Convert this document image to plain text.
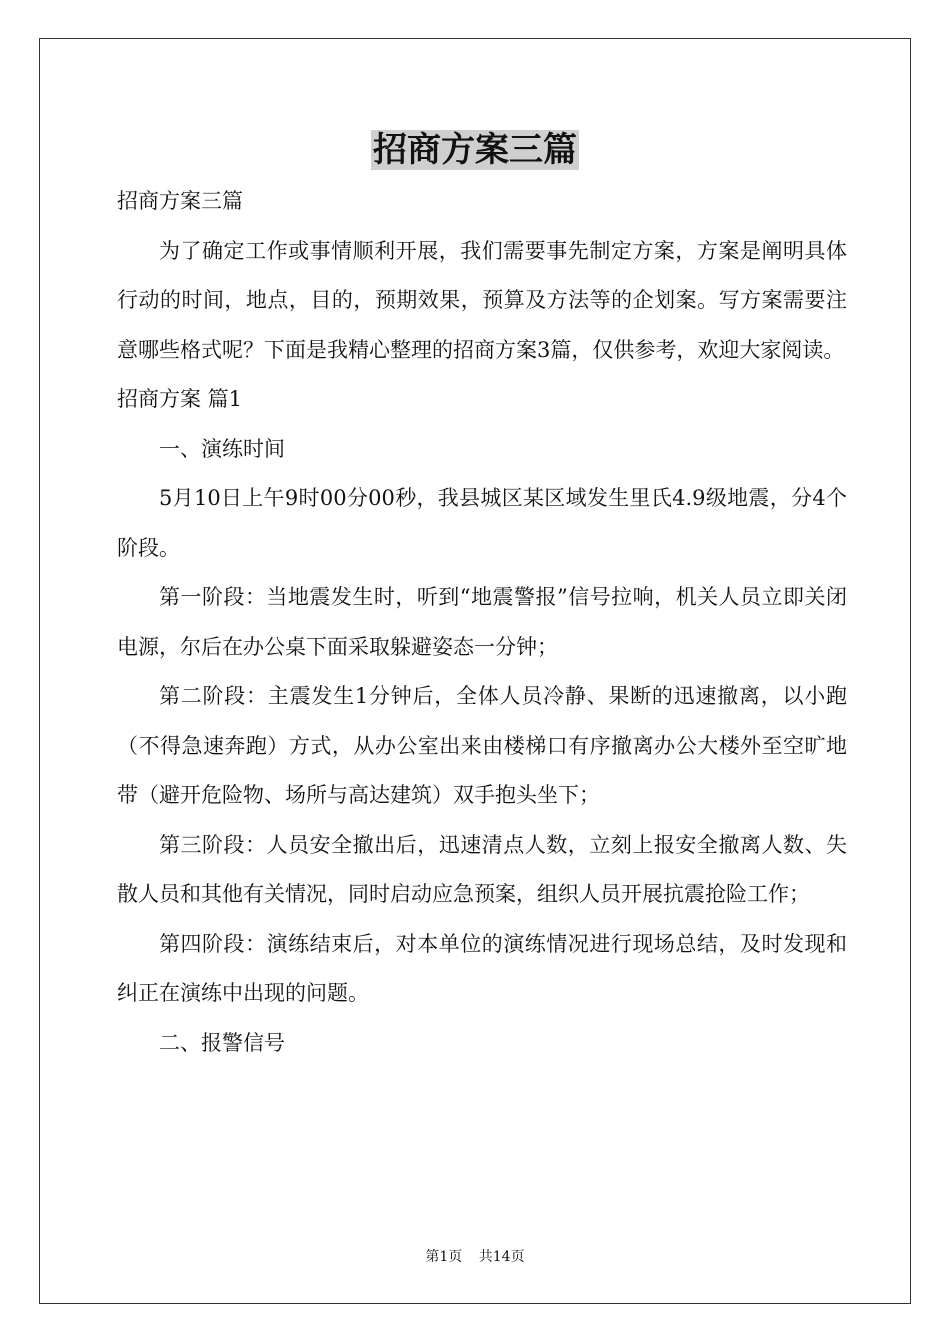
招商方案三篇

招商方案三篇

为了确定工作或事情顺利开展，我们需要事先制定方案，方案是阐明具体行动的时间，地点，目的，预期效果，预算及方法等的企划案。写方案需要注意哪些格式呢？下面是我精心整理的招商方案3篇，仅供参考，欢迎大家阅读。

招商方案 篇1

一、演练时间

5月10日上午9时00分00秒，我县城区某区域发生里氏4.9级地震，分4个阶段。

第一阶段：当地震发生时，听到“地震警报”信号拉响，机关人员立即关闭电源，尔后在办公桌下面采取躲避姿态一分钟；

第二阶段：主震发生1分钟后，全体人员冷静、果断的迅速撤离，以小跑（不得急速奔跑）方式，从办公室出来由楼梯口有序撤离办公大楼外至空旷地带（避开危险物、场所与高达建筑）双手抱头坐下；

第三阶段：人员安全撤出后，迅速清点人数，立刻上报安全撤离人数、失散人员和其他有关情况，同时启动应急预案，组织人员开展抗震抢险工作；

第四阶段：演练结束后，对本单位的演练情况进行现场总结，及时发现和纠正在演练中出现的问题。

二、报警信号

第1页 共14页
